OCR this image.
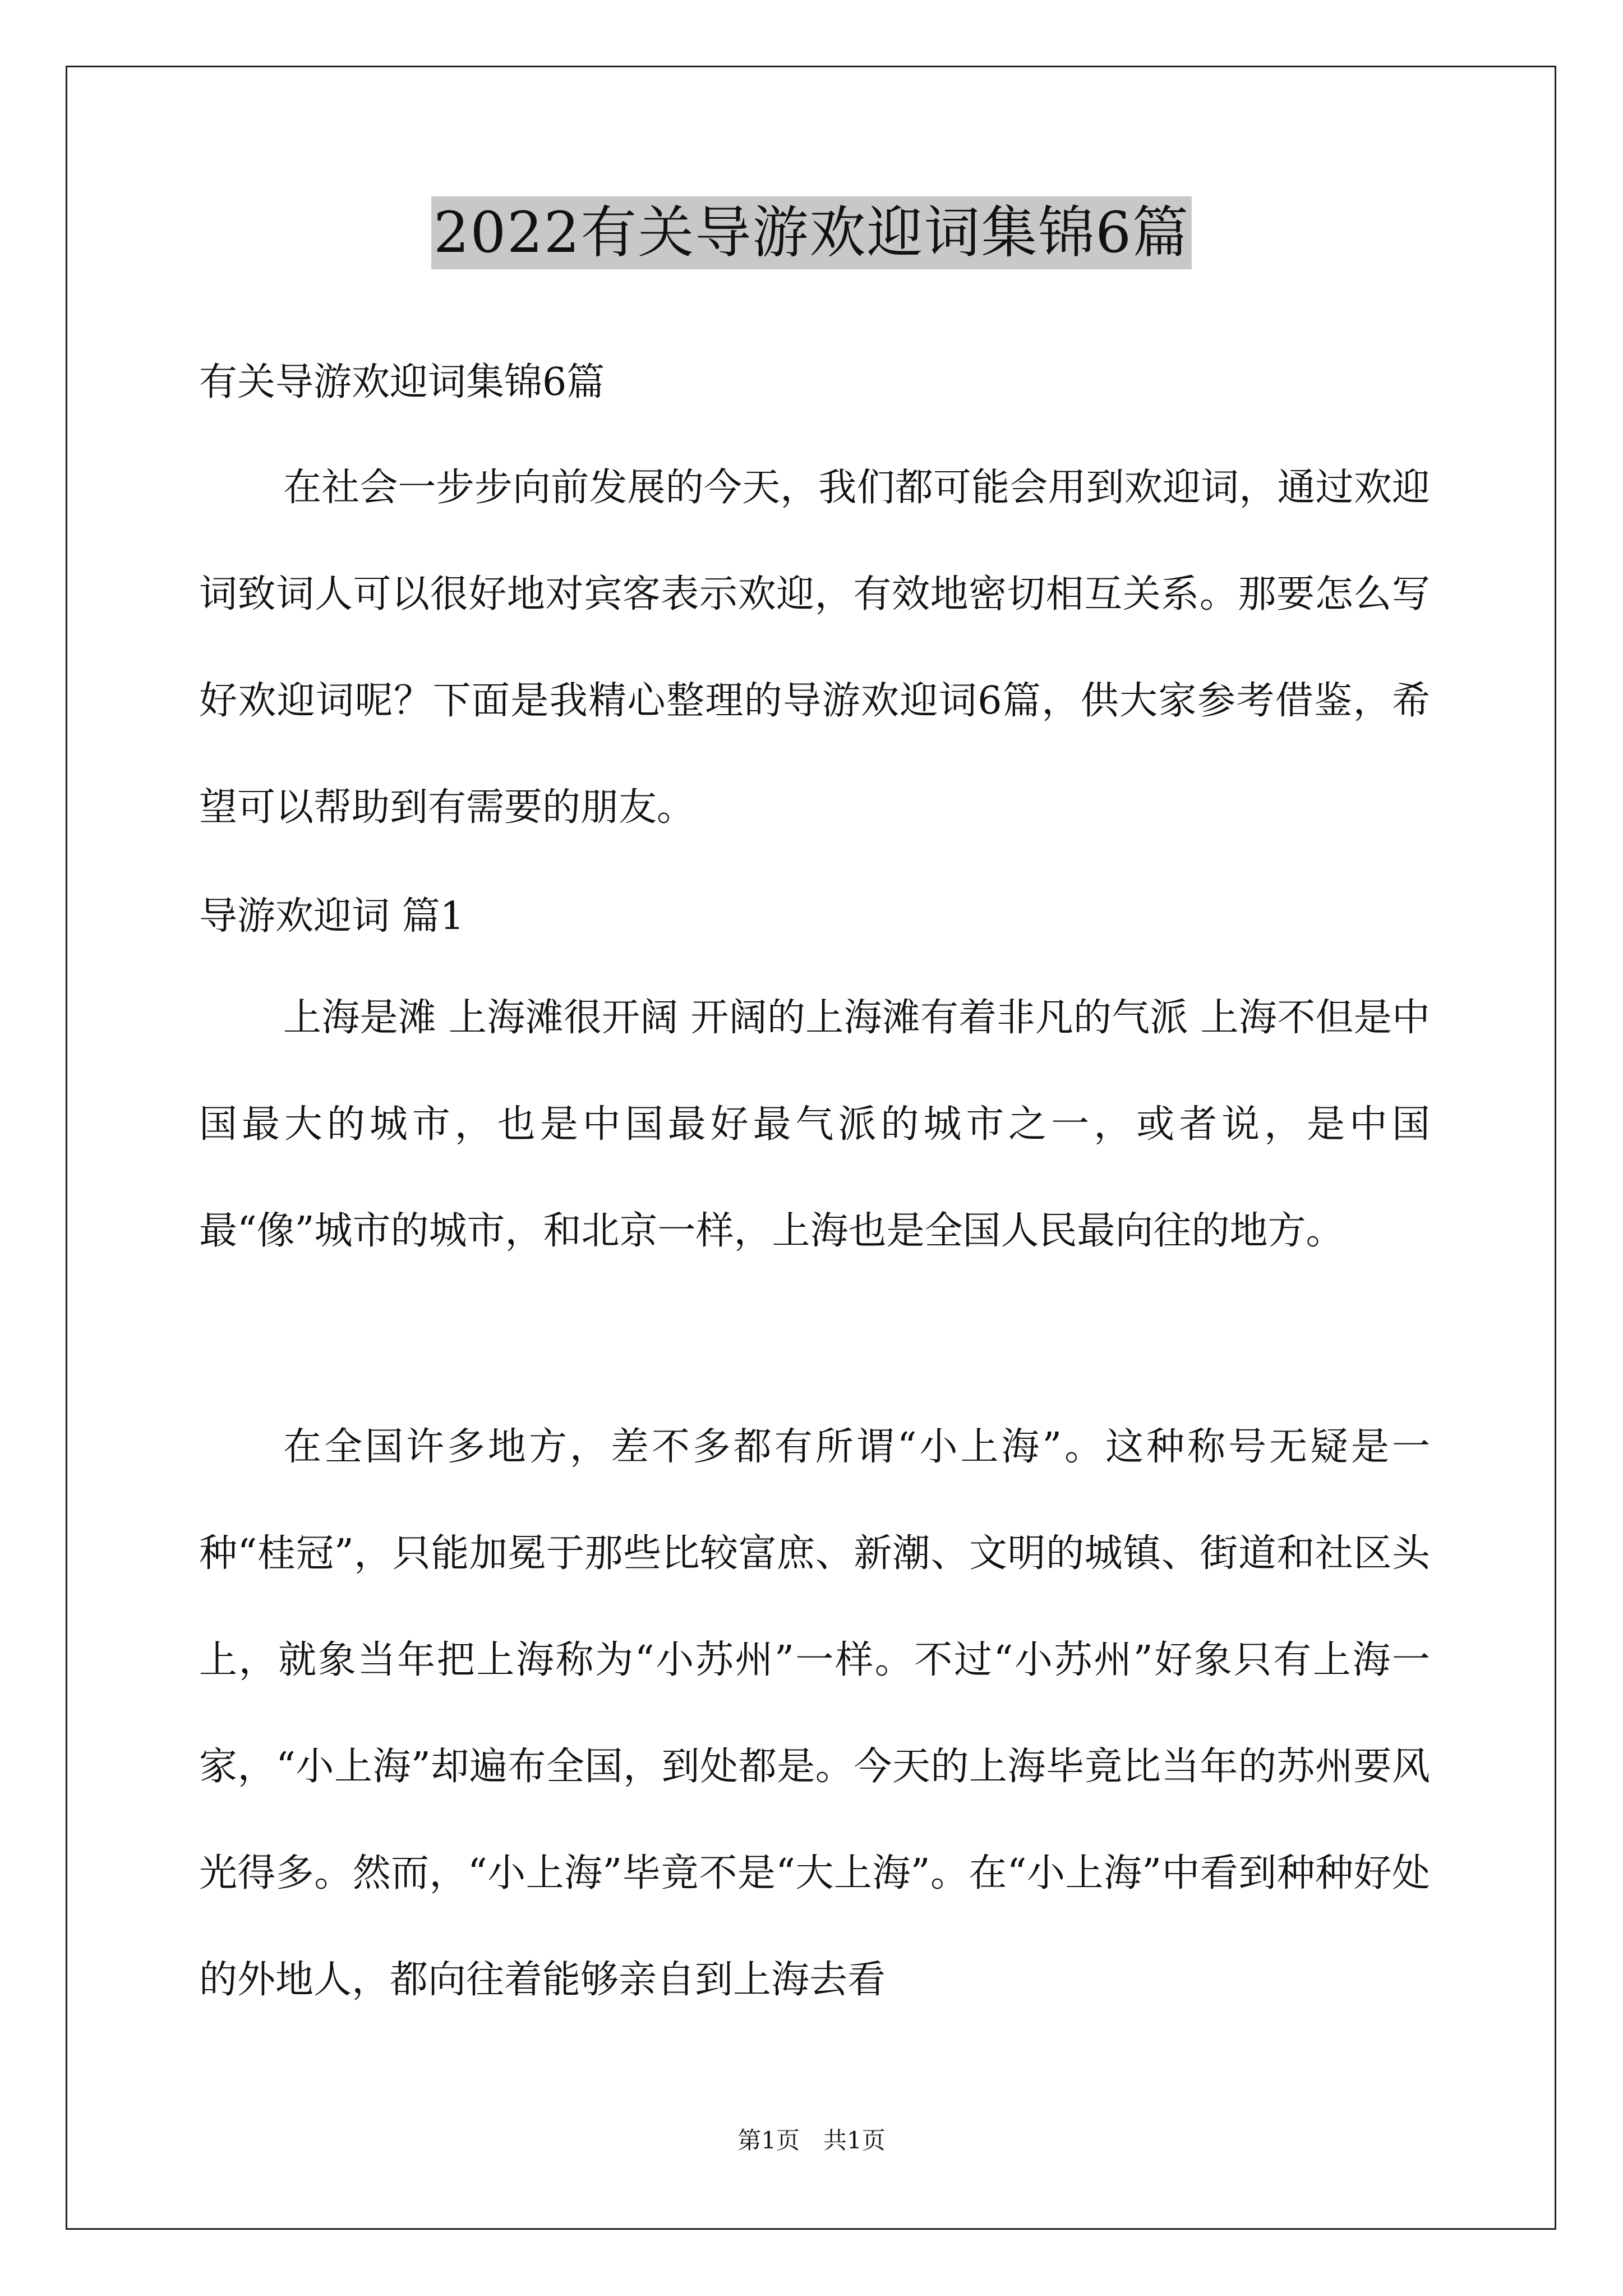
2022有关导游欢迎词集锦6篇
有关导游欢迎词集锦6篇
在社会一步步向前发展的今天，我们都可能会用到欢迎词，通过欢迎词致词人可以很好地对宾客表示欢迎，有效地密切相互关系。那要怎么写好欢迎词呢？下面是我精心整理的导游欢迎词6篇，供大家参考借鉴，希望可以帮助到有需要的朋友。
导游欢迎词 篇1
上海是滩 上海滩很开阔 开阔的上海滩有着非凡的气派 上海不但是中国最大的城市，也是中国最好最气派的城市之一，或者说，是中国最“像”城市的城市，和北京一样，上海也是全国人民最向往的地方。
在全国许多地方，差不多都有所谓“小上海”。这种称号无疑是一种“桂冠”，只能加冕于那些比较富庶、新潮、文明的城镇、街道和社区头上，就象当年把上海称为“小苏州”一样。不过“小苏州”好象只有上海一家，“小上海”却遍布全国，到处都是。今天的上海毕竟比当年的苏州要风光得多。然而，“小上海”毕竟不是“大上海”。在“小上海”中看到种种好处的外地人，都向往着能够亲自到上海去看
第1页　共1页
